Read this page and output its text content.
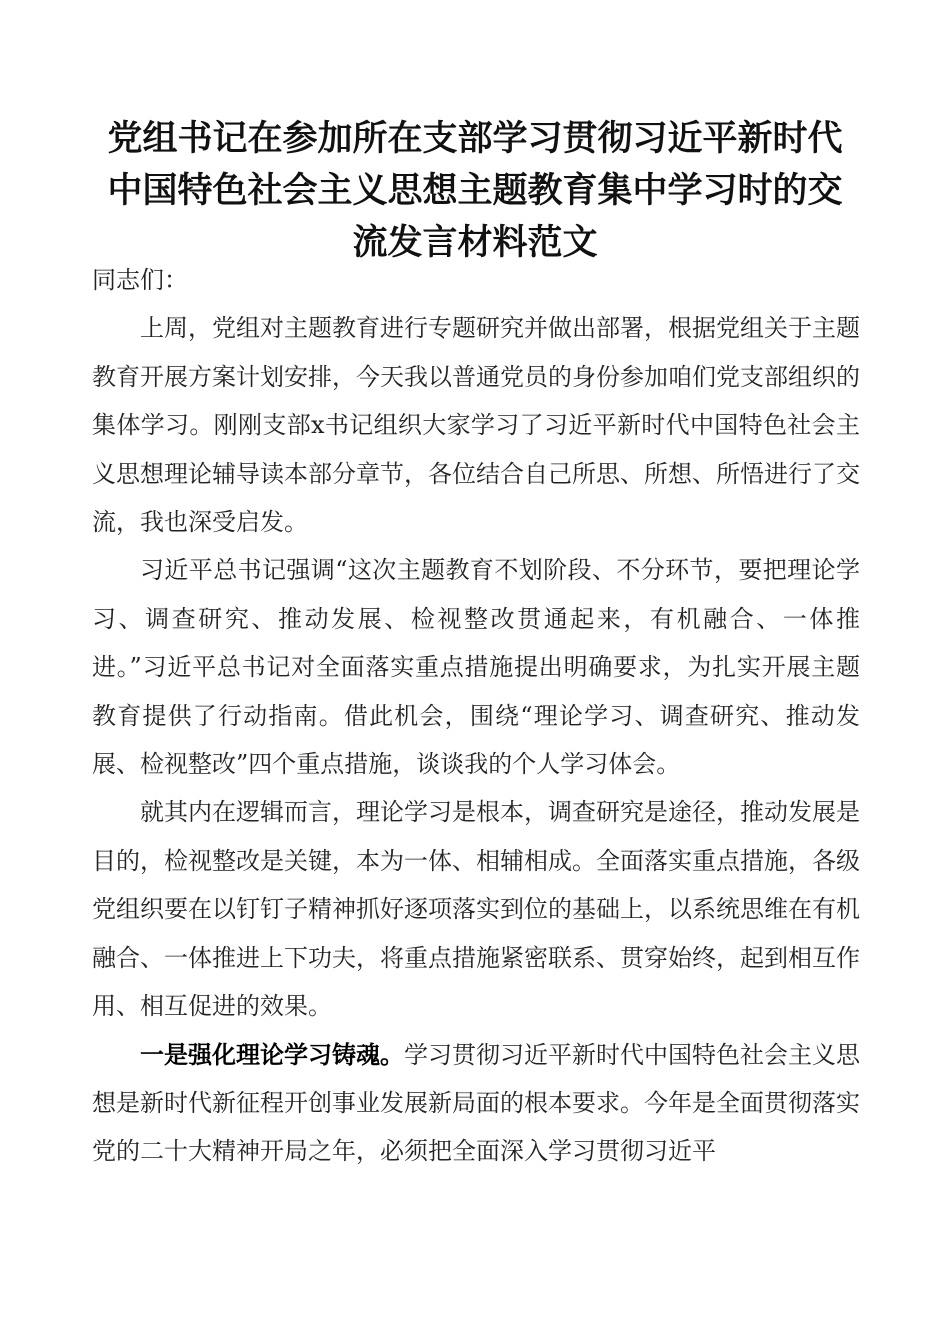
党组书记在参加所在支部学习贯彻习近平新时代
中国特色社会主义思想主题教育集中学习时的交
流发言材料范文

同志们：

上周，党组对主题教育进行专题研究并做出部署，根据党组关于主题教育开展方案计划安排，今天我以普通党员的身份参加咱们党支部组织的集体学习。刚刚支部x书记组织大家学习了习近平新时代中国特色社会主义思想理论辅导读本部分章节，各位结合自己所思、所想、所悟进行了交流，我也深受启发。

习近平总书记强调“这次主题教育不划阶段、不分环节，要把理论学习、调查研究、推动发展、检视整改贯通起来，有机融合、一体推进。”习近平总书记对全面落实重点措施提出明确要求，为扎实开展主题教育提供了行动指南。借此机会，围绕“理论学习、调查研究、推动发展、检视整改”四个重点措施，谈谈我的个人学习体会。

就其内在逻辑而言，理论学习是根本，调查研究是途径，推动发展是目的，检视整改是关键，本为一体、相辅相成。全面落实重点措施，各级党组织要在以钉钉子精神抓好逐项落实到位的基础上，以系统思维在有机融合、一体推进上下功夫，将重点措施紧密联系、贯穿始终，起到相互作用、相互促进的效果。

一是强化理论学习铸魂。学习贯彻习近平新时代中国特色社会主义思想是新时代新征程开创事业发展新局面的根本要求。今年是全面贯彻落实党的二十大精神开局之年，必须把全面深入学习贯彻习近平
